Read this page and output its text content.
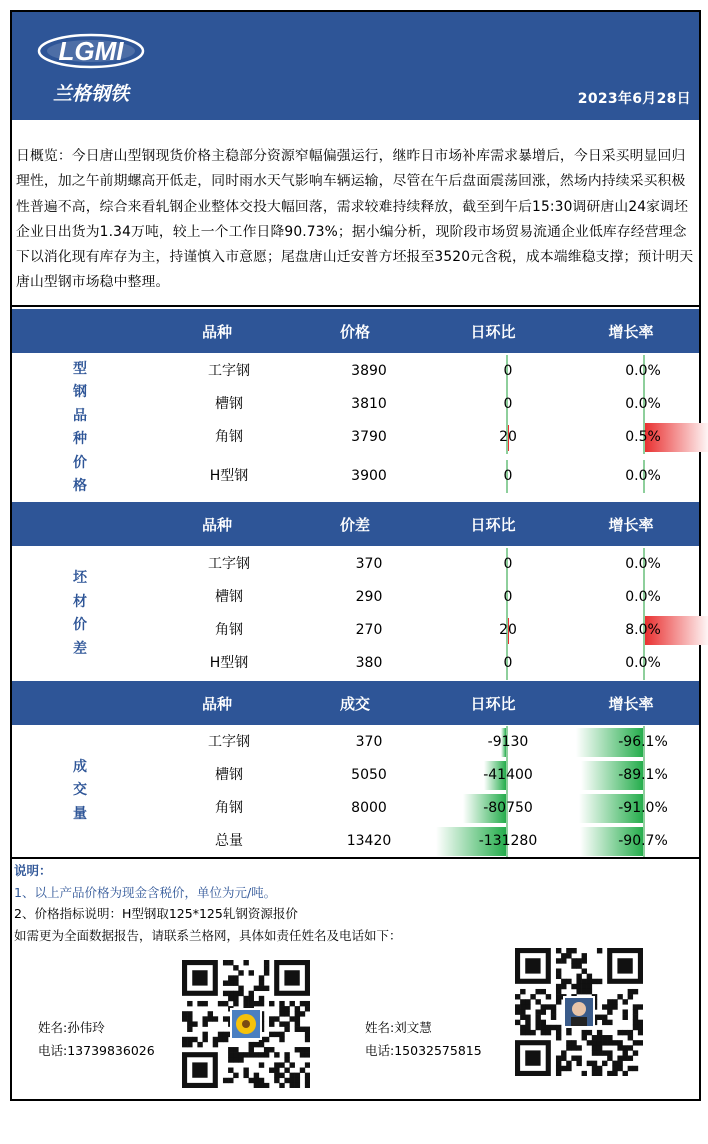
LGMI
兰格钢铁	2023年6月28日
日概览：今日唐山型钢现货价格主稳部分资源窄幅偏强运行，继昨日市场补库需求暴增后，今日采买明显回归理性，加之午前期螺高开低走，同时雨水天气影响车辆运输，尽管在午后盘面震荡回涨，然场内持续采买积极性普遍不高，综合来看轧钢企业整体交投大幅回落，需求较难持续释放，截至到午后15:30调研唐山24家调坯企业日出货为1.34万吨，较上一个工作日降90.73%；据小编分析，现阶段市场贸易流通企业低库存经营理念下以消化现有库存为主，持谨慎入市意愿；尾盘唐山迁安普方坯报至3520元含税，成本端维稳支撑；预计明天唐山型钢市场稳中整理。
品种	价格	日环比	增长率
型
钢
品
种
价
格
工字钢	3890	0	0.0%
槽钢	3810	0	0.0%
角钢	3790	20	0.5%
H型钢	3900	0	0.0%
品种	价差	日环比	增长率
坯
材
价
差
工字钢	370	0	0.0%
槽钢	290	0	0.0%
角钢	270	20	8.0%
H型钢	380	0	0.0%
品种	成交	日环比	增长率
成
交
量
工字钢	370	-9130	-96.1%
槽钢	5050	-41400	-89.1%
角钢	8000	-80750	-91.0%
总量	13420	-131280	-90.7%

说明：

1、以上产品价格为现金含税价，单位为元/吨。

2、价格指标说明：H型钢取125*125轧钢资源报价

如需更为全面数据报告，请联系兰格网，具体如责任姓名及电话如下：

姓名:孙伟玲
电话:13739836026
姓名:刘文慧
电话:15032575815
